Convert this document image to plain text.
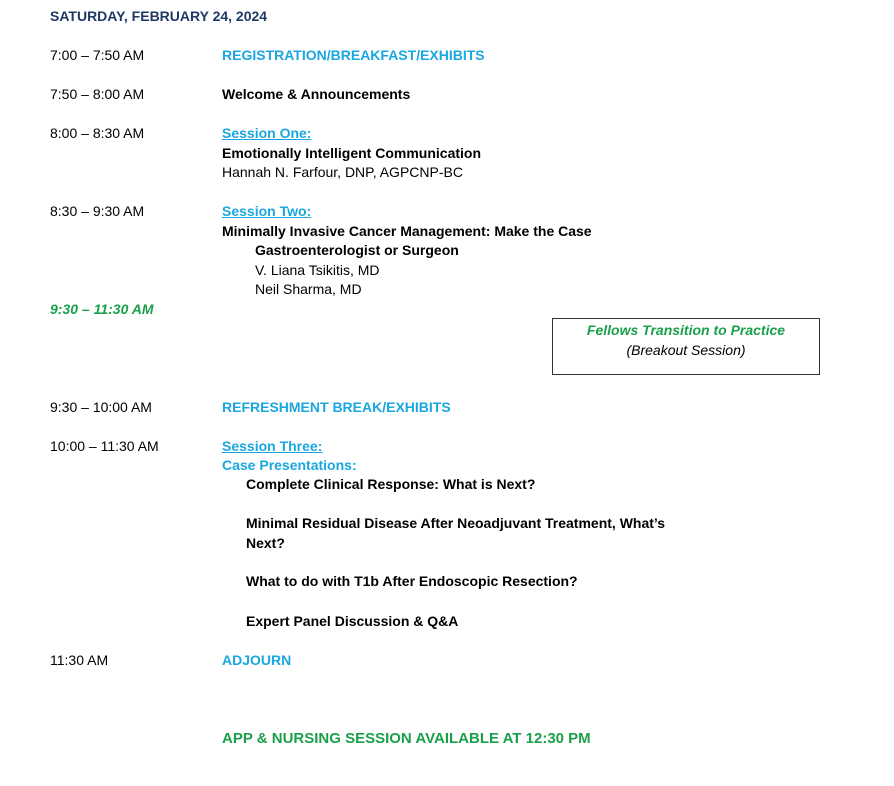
SATURDAY, FEBRUARY 24, 2024
7:00 – 7:50 AM	REGISTRATION/BREAKFAST/EXHIBITS
7:50 – 8:00 AM	Welcome & Announcements
8:00 – 8:30 AM	Session One:
Emotionally Intelligent Communication
Hannah N. Farfour, DNP, AGPCNP-BC
8:30 – 9:30 AM	Session Two:
Minimally Invasive Cancer Management: Make the Case
Gastroenterologist or Surgeon
V. Liana Tsikitis, MD
Neil Sharma, MD
9:30 – 11:30 AM
Fellows Transition to Practice
(Breakout Session)
9:30 – 10:00 AM	REFRESHMENT BREAK/EXHIBITS
10:00 – 11:30 AM	Session Three:
Case Presentations:
Complete Clinical Response: What is Next?
Minimal Residual Disease After Neoadjuvant Treatment, What’s
Next?
What to do with T1b After Endoscopic Resection?
Expert Panel Discussion & Q&A
11:30 AM	ADJOURN
APP & NURSING SESSION AVAILABLE AT 12:30 PM
